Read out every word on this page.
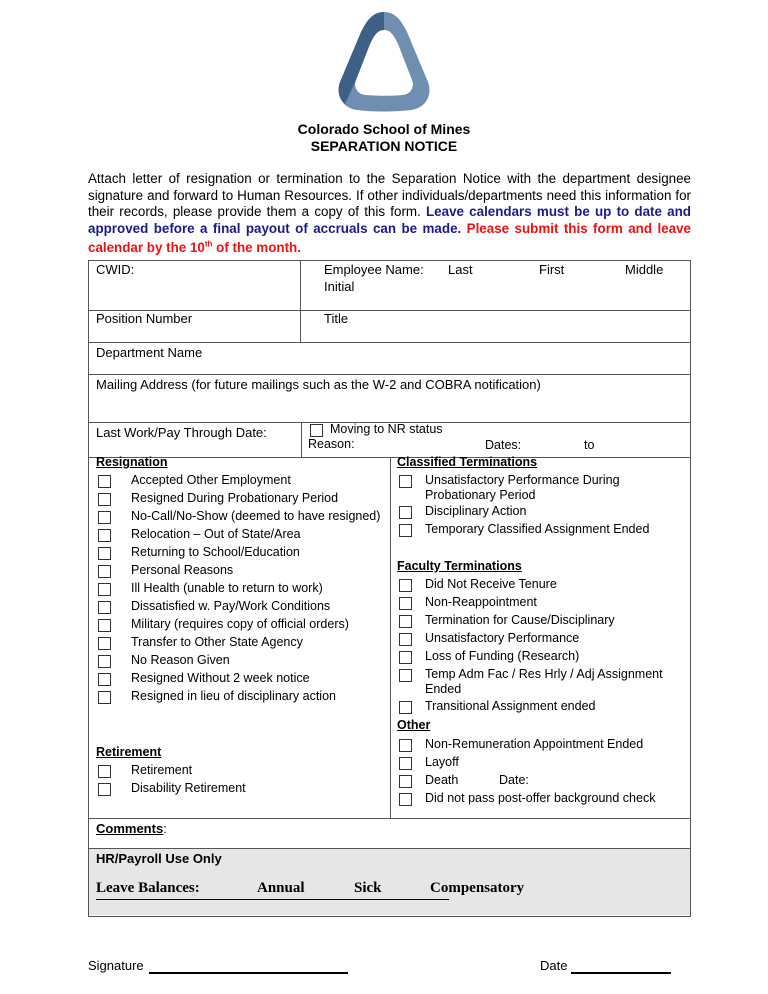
Colorado School of Mines
SEPARATION NOTICE
Attach letter of resignation or termination to the Separation Notice with the department designee signature and forward to Human Resources. If other individuals/departments need this information for their records, please provide them a copy of this form. Leave calendars must be up to date and approved before a final payout of accruals can be made. Please submit this form and leave calendar by the 10th of the month.
CWID:	Employee Name: Last	First	Middle
Initial
Position Number	Title
Department Name
Mailing Address (for future mailings such as the W-2 and COBRA notification)
Last Work/Pay Through Date:	Moving to NR status
Reason:	Dates:	to
Resignation
Accepted Other Employment
Resigned During Probationary Period
No-Call/No-Show (deemed to have resigned)
Relocation – Out of State/Area
Returning to School/Education
Personal Reasons
Ill Health (unable to return to work)
Dissatisfied w. Pay/Work Conditions
Military (requires copy of official orders)
Transfer to Other State Agency
No Reason Given
Resigned Without 2 week notice
Resigned in lieu of disciplinary action
Retirement
Retirement
Disability Retirement
Classified Terminations
Unsatisfactory Performance During
Probationary Period
Disciplinary Action
Temporary Classified Assignment Ended
Faculty Terminations
Did Not Receive Tenure
Non-Reappointment
Termination for Cause/Disciplinary
Unsatisfactory Performance
Loss of Funding (Research)
Temp Adm Fac / Res Hrly / Adj Assignment
Ended
Transitional Assignment ended
Other
Non-Remuneration Appointment Ended
Layoff
Death
Did not pass post-offer background check
Date:
Comments:
HR/Payroll Use Only
Leave Balances:	Annual	Sick	Compensatory
Signature	Date
